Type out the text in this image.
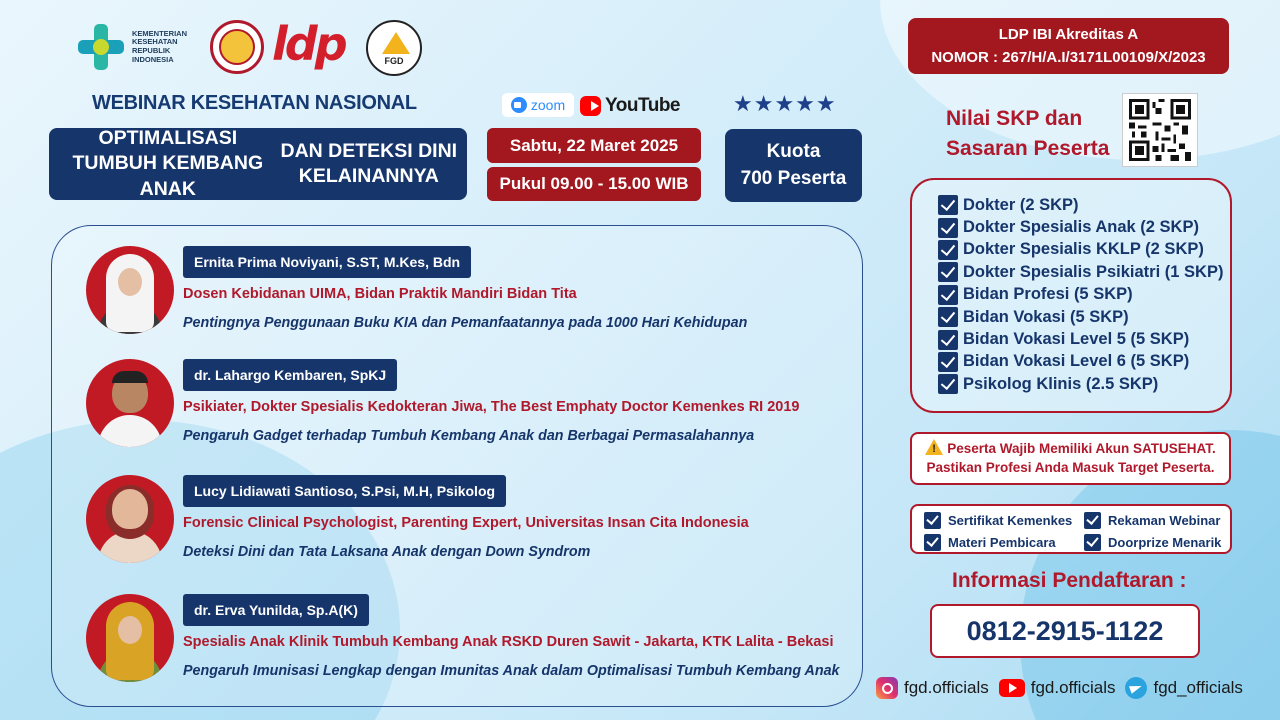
KEMENTERIAN
KESEHATAN
REPUBLIK
INDONESIA ldp	FGD
WEBINAR KESEHATAN NASIONAL
OPTIMALISASI TUMBUH KEMBANG ANAK
DAN DETEKSI DINI KELAINANNYA
zoom YouTube
Sabtu, 22 Maret 2025
Pukul 09.00 - 15.00 WIB
★★★★★
Kuota
700 Peserta
LDP IBI Akreditas A
NOMOR : 267/H/A.I/3171L00109/X/2023
Nilai SKP dan
Sasaran Peserta
Dokter (2 SKP)
Dokter Spesialis Anak (2 SKP)
Dokter Spesialis KKLP (2 SKP)
Dokter Spesialis Psikiatri (1 SKP)
Bidan Profesi (5 SKP)
Bidan Vokasi (5 SKP)
Bidan Vokasi Level 5 (5 SKP)
Bidan Vokasi Level 6 (5 SKP)
Psikolog Klinis (2.5 SKP)
!Peserta Wajib Memiliki Akun SATUSEHAT.
Pastikan Profesi Anda Masuk Target Peserta.
Sertifikat Kemenkes	Rekaman Webinar
Materi Pembicara	Doorprize Menarik
Informasi Pendaftaran :
0812-2915-1122
fgd.officials fgd.officials fgd_officials
Ernita Prima Noviyani, S.ST, M.Kes, Bdn
Dosen Kebidanan UIMA, Bidan Praktik Mandiri Bidan Tita
Pentingnya Penggunaan Buku KIA dan Pemanfaatannya pada 1000 Hari Kehidupan
dr. Lahargo Kembaren, SpKJ
Psikiater, Dokter Spesialis Kedokteran Jiwa, The Best Emphaty Doctor Kemenkes RI 2019
Pengaruh Gadget terhadap Tumbuh Kembang Anak dan Berbagai Permasalahannya
Lucy Lidiawati Santioso, S.Psi, M.H, Psikolog
Forensic Clinical Psychologist, Parenting Expert, Universitas Insan Cita Indonesia
Deteksi Dini dan Tata Laksana Anak dengan Down Syndrom
dr. Erva Yunilda, Sp.A(K)
Spesialis Anak Klinik Tumbuh Kembang Anak RSKD Duren Sawit - Jakarta, KTK Lalita - Bekasi
Pengaruh Imunisasi Lengkap dengan Imunitas Anak dalam Optimalisasi Tumbuh Kembang Anak
